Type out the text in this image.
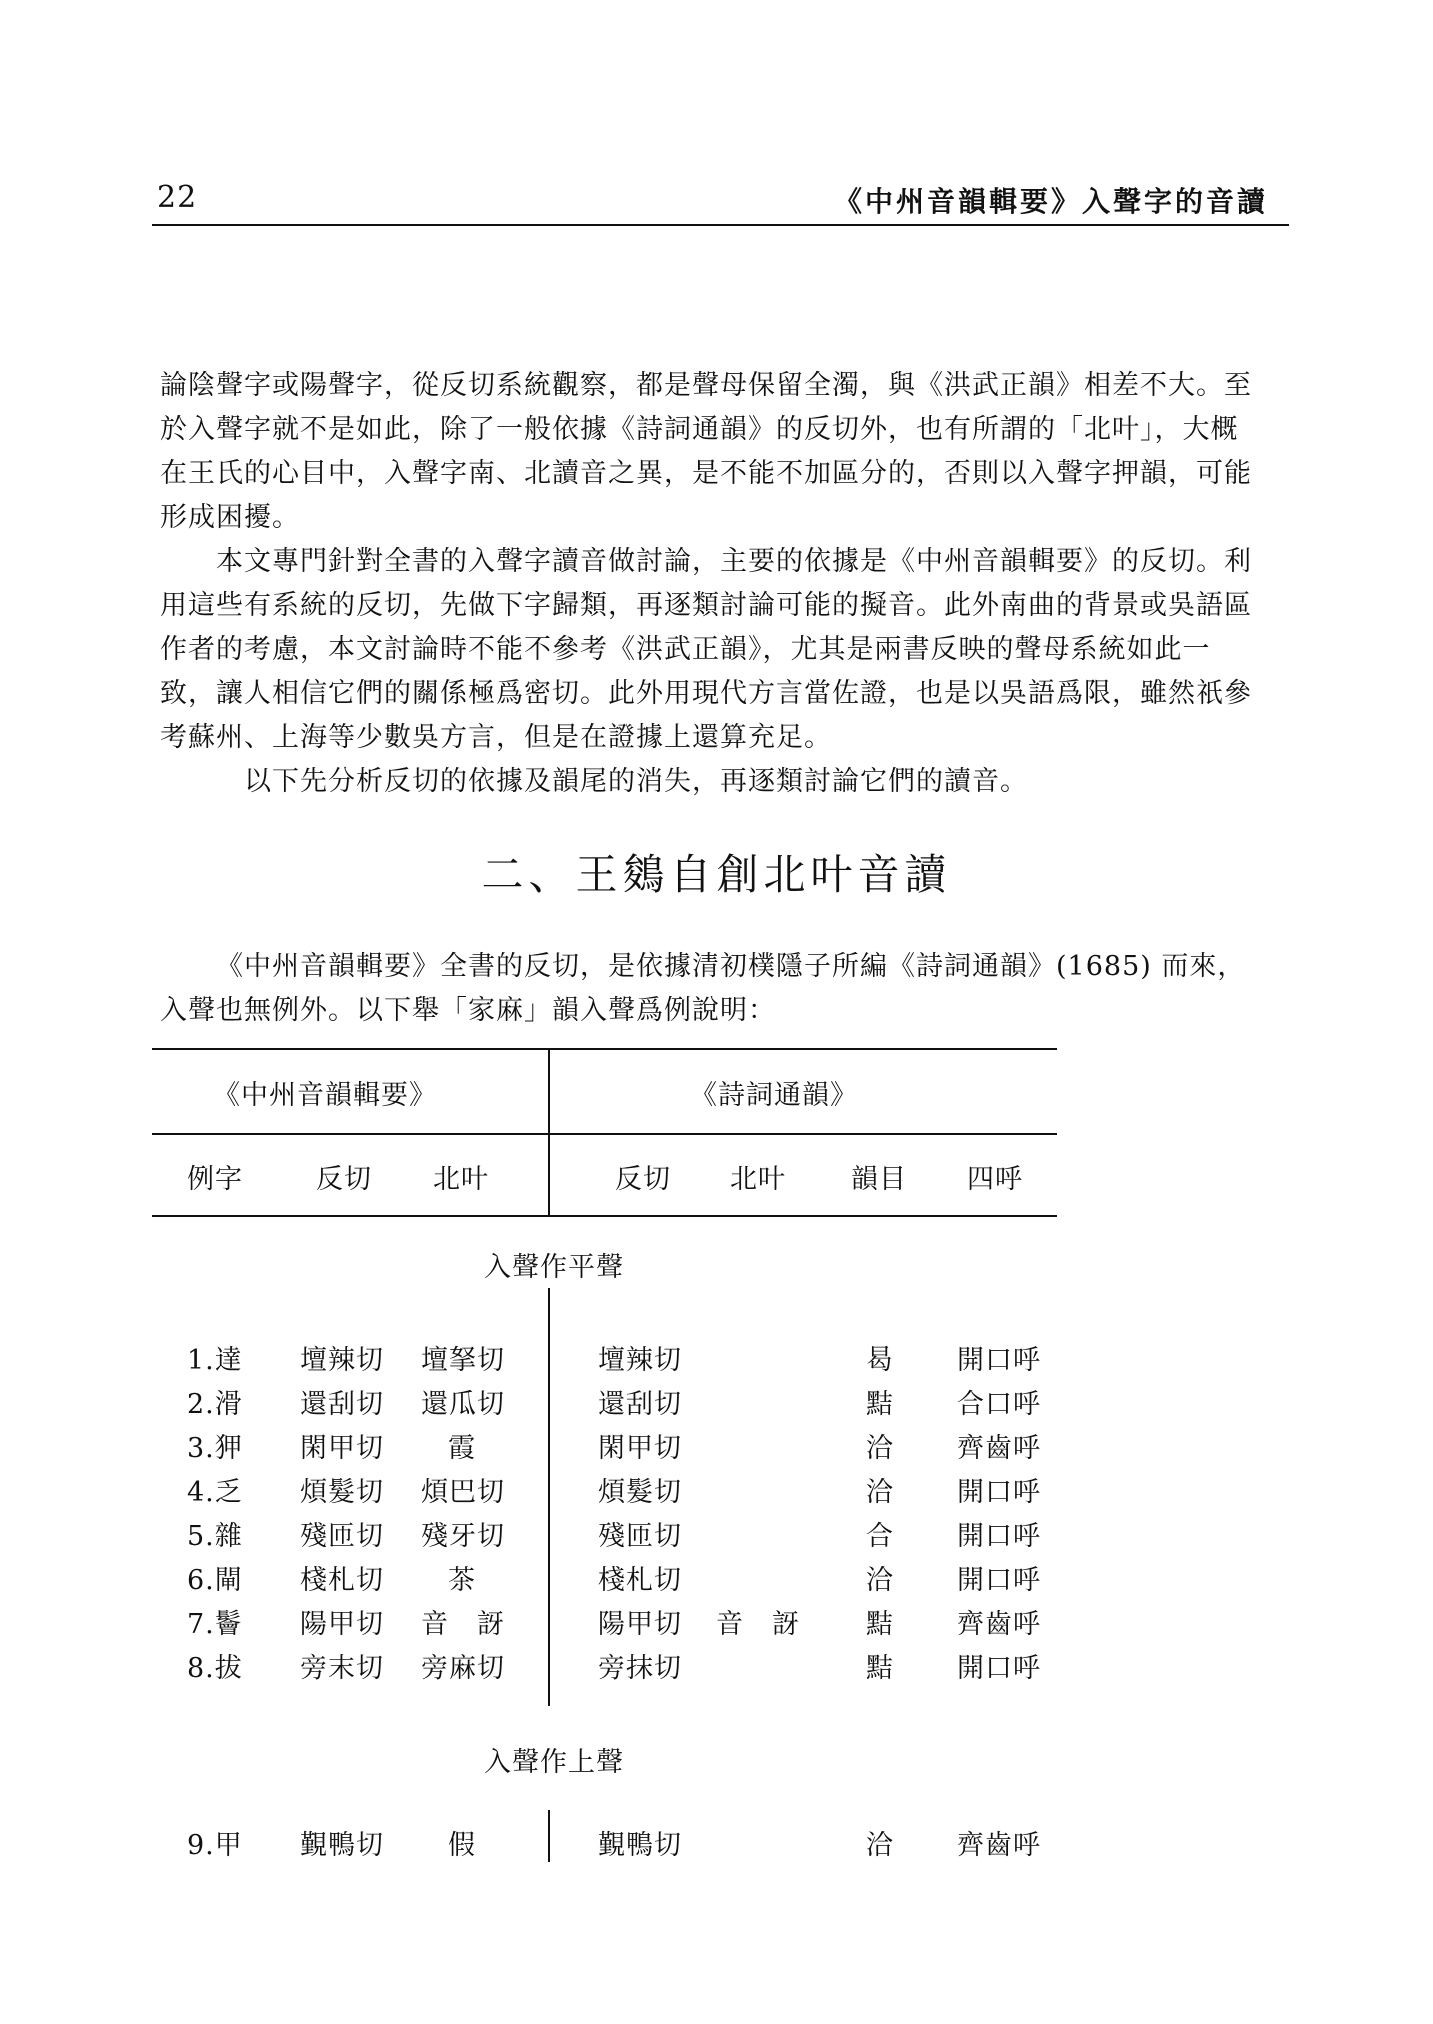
22	《中州音韻輯要》入聲字的音讀

論陰聲字或陽聲字，從反切系統觀察，都是聲母保留全濁，與《洪武正韻》相差不大。至於入聲字就不是如此，除了一般依據《詩詞通韻》的反切外，也有所謂的「北叶」，大概在王氏的心目中，入聲字南、北讀音之異，是不能不加區分的，否則以入聲字押韻，可能形成困擾。

本文專門針對全書的入聲字讀音做討論，主要的依據是《中州音韻輯要》的反切。利用這些有系統的反切，先做下字歸類，再逐類討論可能的擬音。此外南曲的背景或吳語區作者的考慮，本文討論時不能不參考《洪武正韻》，尤其是兩書反映的聲母系統如此一致，讓人相信它們的關係極爲密切。此外用現代方言當佐證，也是以吳語爲限，雖然祇參考蘇州、上海等少數吳方言，但是在證據上還算充足。

以下先分析反切的依據及韻尾的消失，再逐類討論它們的讀音。

二、王鵕自創北叶音讀

《中州音韻輯要》全書的反切，是依據清初樸隱子所編《詩詞通韻》(1685) 而來，入聲也無例外。以下舉「家麻」韻入聲爲例說明：

《中州音韻輯要》	《詩詞通韻》
例字	反切 北叶	反切 北叶 韻目 四呼
入聲作平聲
1.達 壇辣切 壇拏切	壇辣切	曷 開口呼
2.滑 還刮切 還瓜切	還刮切	黠 合口呼
3.狎 閑甲切 霞	閑甲切	洽 齊齒呼
4.乏 煩髮切 煩巴切	煩髮切	洽 開口呼
5.雜 殘匝切 殘牙切	殘匝切	合 開口呼
6.閘 棧札切 茶	棧札切	洽 開口呼
7.鬠 陽甲切 音　訝	陽甲切 音　訝 黠 齊齒呼
8.拔 旁末切 旁麻切	旁抹切	黠 開口呼
入聲作上聲
9.甲 覲鴨切 假	覲鴨切	洽 齊齒呼
